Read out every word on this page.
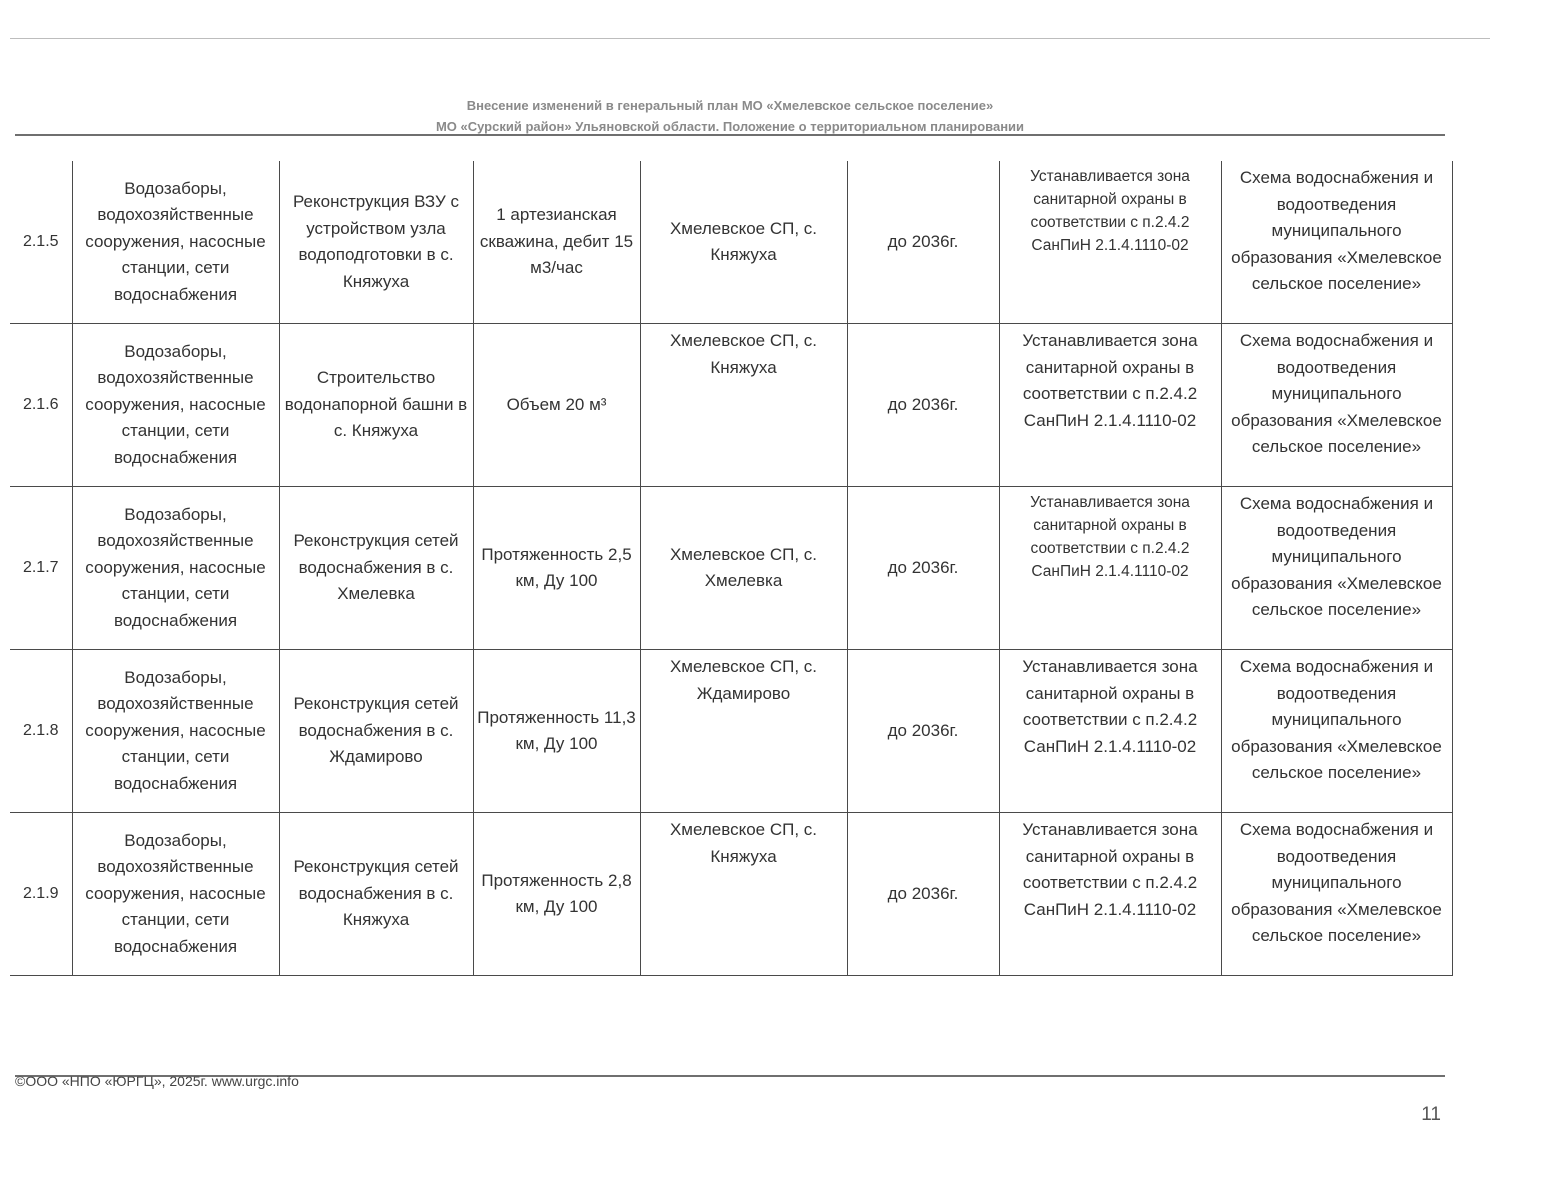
Внесение изменений в генеральный план МО «Хмелевское сельское поселение»
МО «Сурский район» Ульяновской области. Положение о территориальном планировании
2.1.5	Водозаборы, водохозяйственные сооружения, насосные станции, сети водоснабжения	Реконструкция ВЗУ с устройством узла водоподготовки в с. Княжуха	1 артезианская скважина, дебит 15 м3/час	Хмелевское СП, с. Княжуха	до 2036г.	Устанавливается зона санитарной охраны в соответствии с п.2.4.2 СанПиН 2.1.4.1110-02	Схема водоснабжения и водоотведения муниципального образования «Хмелевское сельское поселение»
2.1.6	Водозаборы, водохозяйственные сооружения, насосные станции, сети водоснабжения	Строительство водонапорной башни в с. Княжуха	Объем 20 м³	Хмелевское СП, с. Княжуха	до 2036г.	Устанавливается зона санитарной охраны в соответствии с п.2.4.2 СанПиН 2.1.4.1110-02	Схема водоснабжения и водоотведения муниципального образования «Хмелевское сельское поселение»
2.1.7	Водозаборы, водохозяйственные сооружения, насосные станции, сети водоснабжения	Реконструкция сетей водоснабжения в с. Хмелевка	Протяженность 2,5 км, Ду 100	Хмелевское СП, с. Хмелевка	до 2036г.	Устанавливается зона санитарной охраны в соответствии с п.2.4.2 СанПиН 2.1.4.1110-02	Схема водоснабжения и водоотведения муниципального образования «Хмелевское сельское поселение»
2.1.8	Водозаборы, водохозяйственные сооружения, насосные станции, сети водоснабжения	Реконструкция сетей водоснабжения в с. Ждамирово	Протяженность 11,3 км, Ду 100	Хмелевское СП, с. Ждамирово	до 2036г.	Устанавливается зона санитарной охраны в соответствии с п.2.4.2 СанПиН 2.1.4.1110-02	Схема водоснабжения и водоотведения муниципального образования «Хмелевское сельское поселение»
2.1.9	Водозаборы, водохозяйственные сооружения, насосные станции, сети водоснабжения	Реконструкция сетей водоснабжения в с. Княжуха	Протяженность 2,8 км, Ду 100	Хмелевское СП, с. Княжуха	до 2036г.	Устанавливается зона санитарной охраны в соответствии с п.2.4.2 СанПиН 2.1.4.1110-02	Схема водоснабжения и водоотведения муниципального образования «Хмелевское сельское поселение»
©ООО «НПО «ЮРГЦ», 2025г. www.urgc.info
11
